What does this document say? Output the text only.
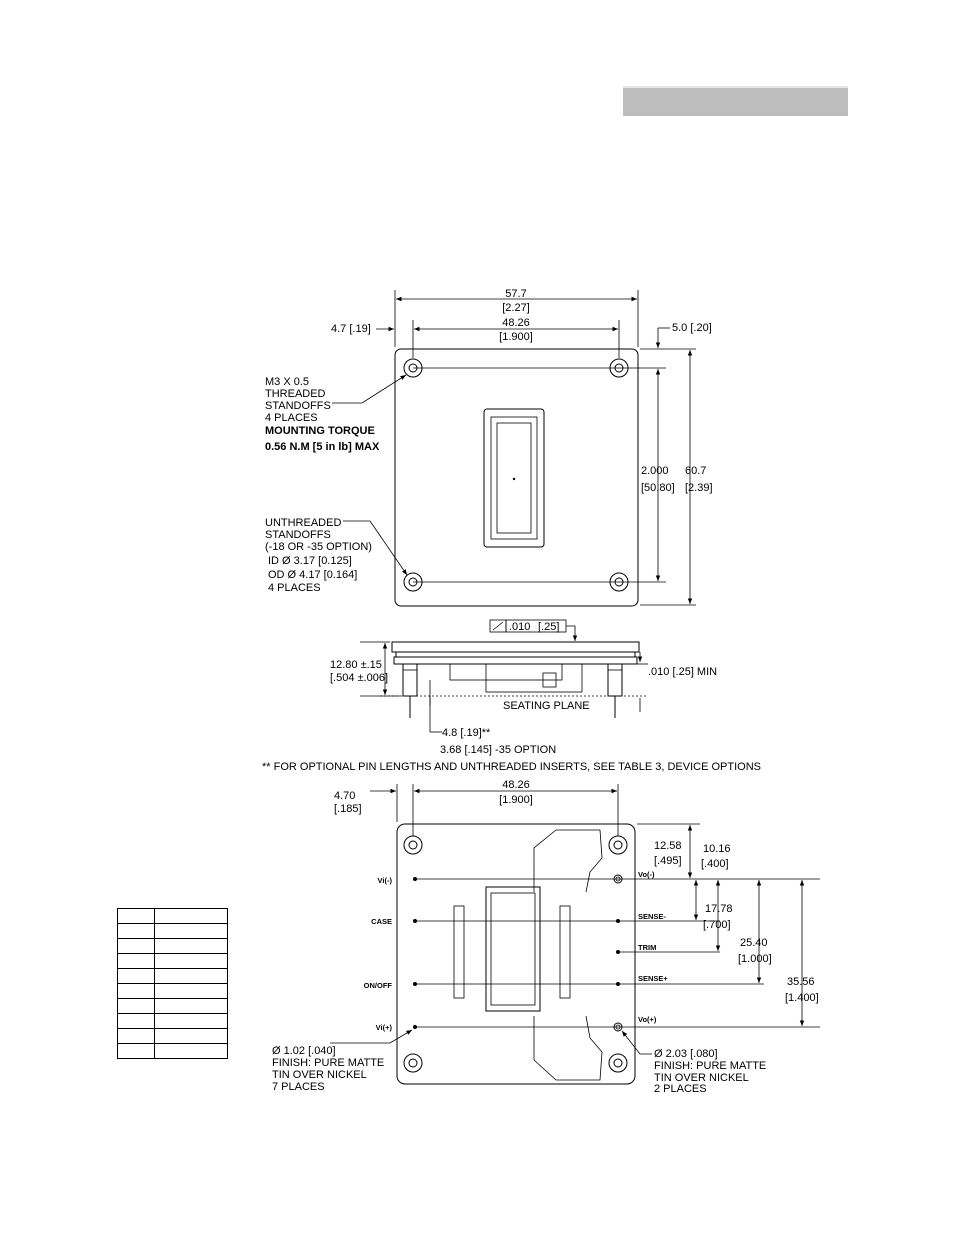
57.7
[2.27]
48.26
[1.900]
4.7 [.19]	5.0 [.20]
2.000
[50.80]
60.7
[2.39]
M3 X 0.5
THREADED
STANDOFFS
4 PLACES
MOUNTING TORQUE
0.56 N.M [5 in lb] MAX
UNTHREADED
STANDOFFS
(-18 OR -35 OPTION)
ID Ø 3.17 [0.125]
OD Ø 4.17 [0.164]
4 PLACES
SEATING PLANE
.010 [.25]
12.80 ±.15
[.504 ±.006]	.010 [.25] MIN
4.8 [.19]**
3.68 [.145] -35 OPTION
** FOR OPTIONAL PIN LENGTHS AND UNTHREADED INSERTS, SEE TABLE 3, DEVICE OPTIONS
Vi(-)
CASE
ON/OFF
Vi(+)
Vo(-)
SENSE-
TRIM
SENSE+
Vo(+)
48.26
[1.900]
4.70
[.185]
12.58
[.495]
10.16
[.400]
17.78
[.700]
25.40
[1.000]
35.56
[1.400]
Ø 1.02 [.040]
FINISH: PURE MATTE
TIN OVER NICKEL
7 PLACES
Ø 2.03 [.080]
FINISH: PURE MATTE
TIN OVER NICKEL
2 PLACES
